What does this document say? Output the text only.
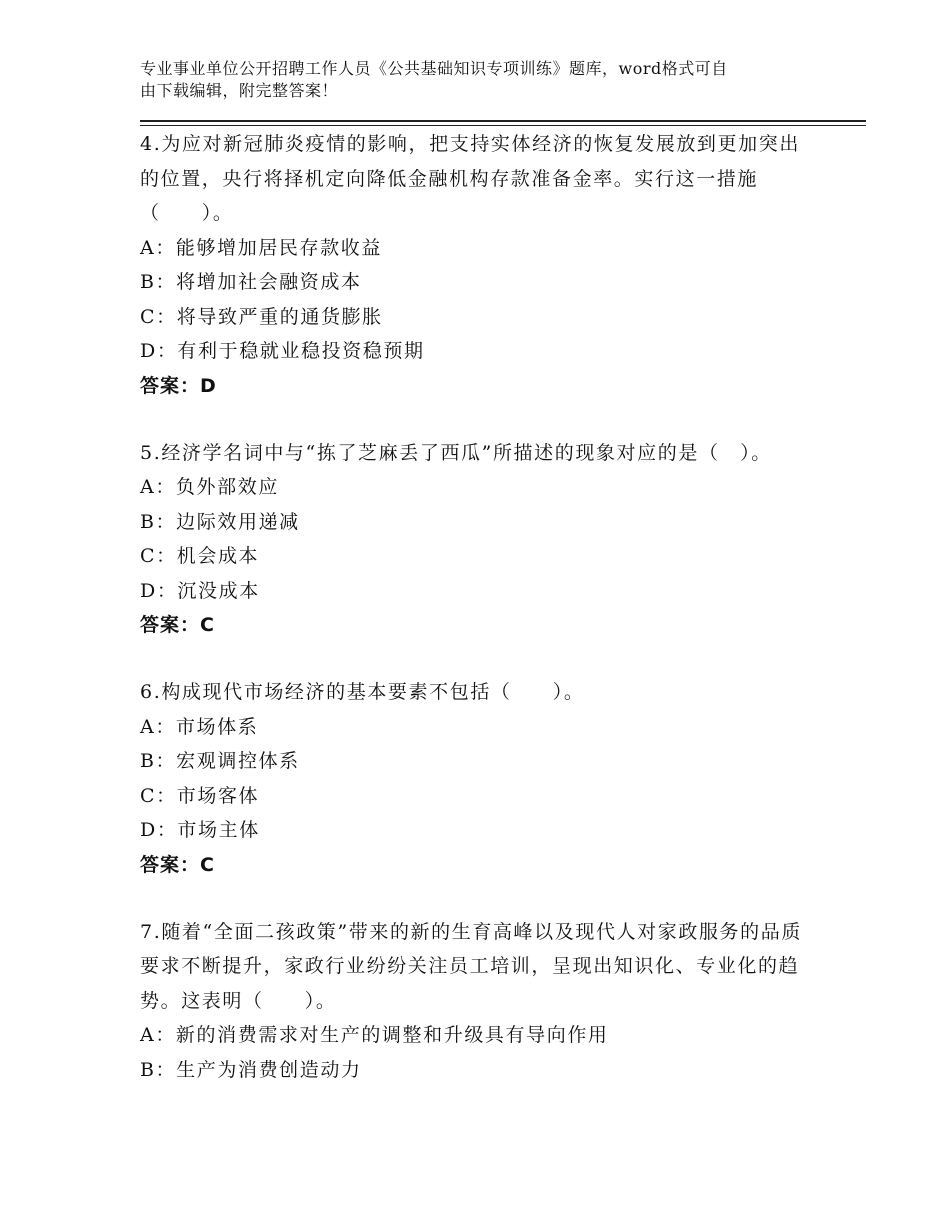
专业事业单位公开招聘工作人员《公共基础知识专项训练》题库，word格式可自
由下载编辑，附完整答案！
4.为应对新冠肺炎疫情的影响，把支持实体经济的恢复发展放到更加突出的位置，央行将择机定向降低金融机构存款准备金率。实行这一措施（　　）。
A：能够增加居民存款收益
B：将增加社会融资成本
C：将导致严重的通货膨胀
D：有利于稳就业稳投资稳预期
答案：D
5.经济学名词中与“拣了芝麻丢了西瓜”所描述的现象对应的是（　）。
A：负外部效应
B：边际效用递减
C：机会成本
D：沉没成本
答案：C
6.构成现代市场经济的基本要素不包括（　　）。
A：市场体系
B：宏观调控体系
C：市场客体
D：市场主体
答案：C
7.随着“全面二孩政策”带来的新的生育高峰以及现代人对家政服务的品质要求不断提升，家政行业纷纷关注员工培训，呈现出知识化、专业化的趋势。这表明（　　）。
A：新的消费需求对生产的调整和升级具有导向作用
B：生产为消费创造动力
